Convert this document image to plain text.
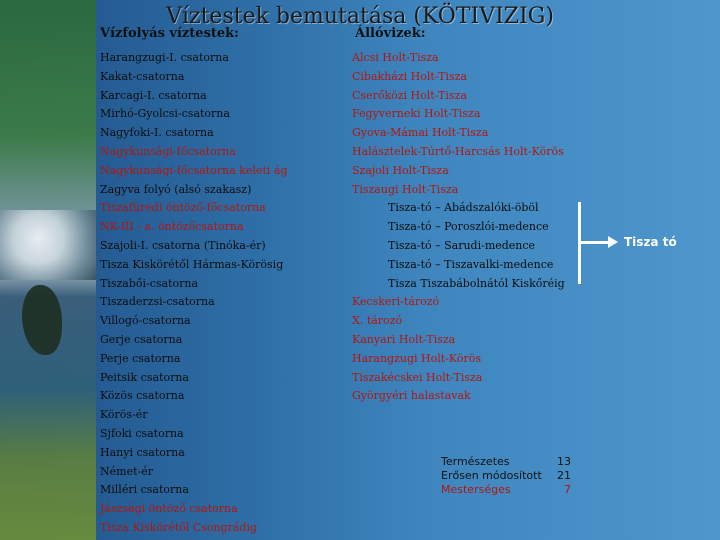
Víztestek bemutatása (KÖTIVIZIG)
Vízfolyás víztestek:	Állóvizek:
Harangzugi-I. csatorna
Kakat-csatorna
Karcagi-I. csatorna
Mirhó-Gyolcsi-csatorna
Nagyfoki-I. csatorna
Nagykunsági-főcsatorna
Nagykunsági-főcsatorna keleti ág
Zagyva folyó (alsó szakasz)
Tiszafüredi öntöző-főcsatorna
NK-III - a. öntözőcsatorna
Szajoli-I. csatorna (Tinóka-ér)
Tisza Kiskörétől Hármas-Körösig
Tiszabői-csatorna
Tiszaderzsi-csatorna
Villogó-csatorna
Gerje csatorna
Perje csatorna
Peitsik csatorna
Közös csatorna
Körös-ér
Sjfoki csatorna
Hanyi csatorna
Német-ér
Milléri csatorna
Jászsági öntöző csatorna
Tisza Kiskörétől Csongrádig
Alcsi Holt-Tisza
Cibakházi Holt-Tisza
Cserőközi Holt-Tisza
Fegyverneki Holt-Tisza
Gyova-Mámai Holt-Tisza
Halásztelek-Túrtő-Harcsás Holt-Körös
Szajoli Holt-Tisza
Tiszaugi Holt-Tisza
Tisza-tó – Abádszalóki-öböl
Tisza-tó – Poroszlói-medence
Tisza-tó – Sarudi-medence
Tisza-tó – Tiszavalki-medence
Tisza Tiszabábolnától Kiskőréig
Kecskeri-tározó
X. tározó
Kanyari Holt-Tisza
Harangzugi Holt-Körös
Tiszakécskei Holt-Tisza
Györgyéri halastavak
Tisza tó
Természetes	13
Erősen módosított	21
Mesterséges	7
